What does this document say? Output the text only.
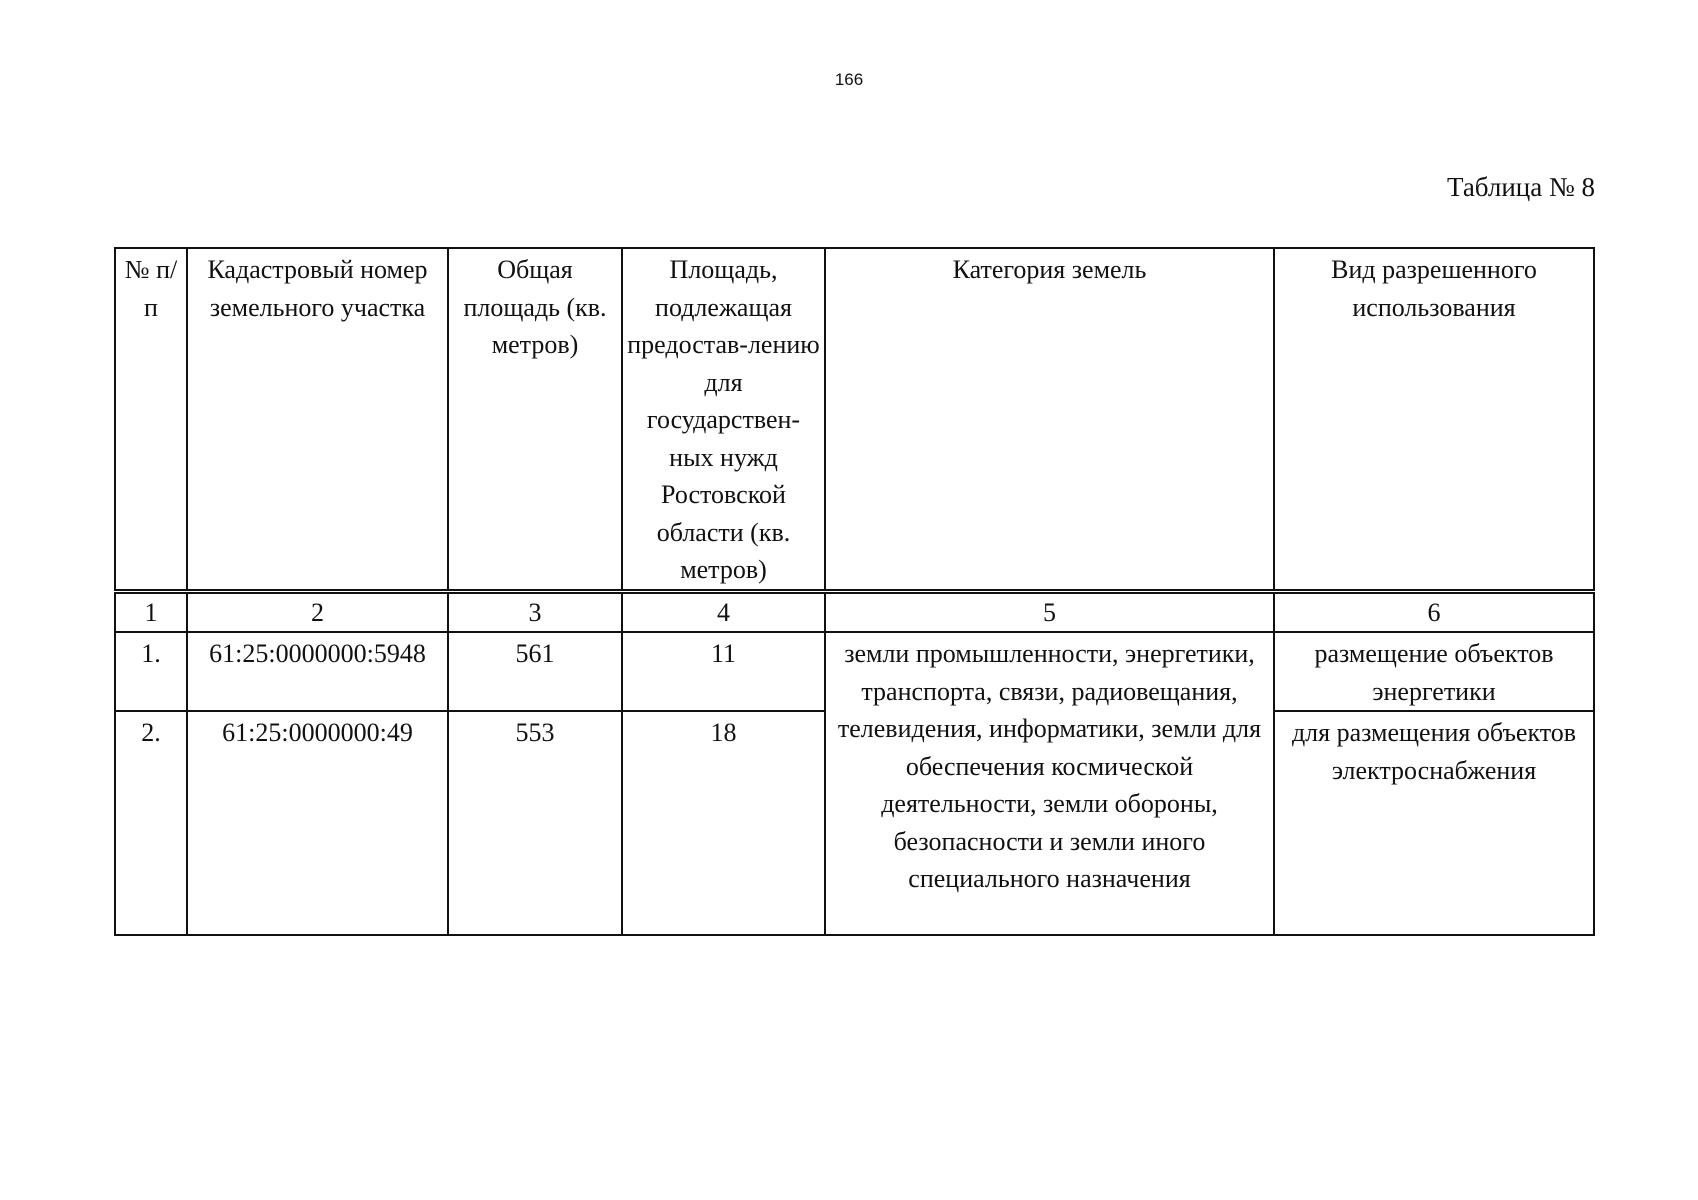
166
Таблица № 8
№ п/п	Кадастровый номер земельного участка	Общая площадь (кв. метров)	Площадь, подлежащая предостав-лению для государствен-ных нужд Ростовской области (кв. метров)	Категория земель	Вид разрешенного использования
1	2	3	4	5	6
1.	61:25:0000000:5948	561	11	земли промышленности, энергетики, транспорта, связи, радиовещания, телевидения, информатики, земли для обеспечения космической деятельности, земли обороны, безопасности и земли иного специального назначения	размещение объектов энергетики
2.	61:25:0000000:49	553	18		для размещения объектов электроснабжения
